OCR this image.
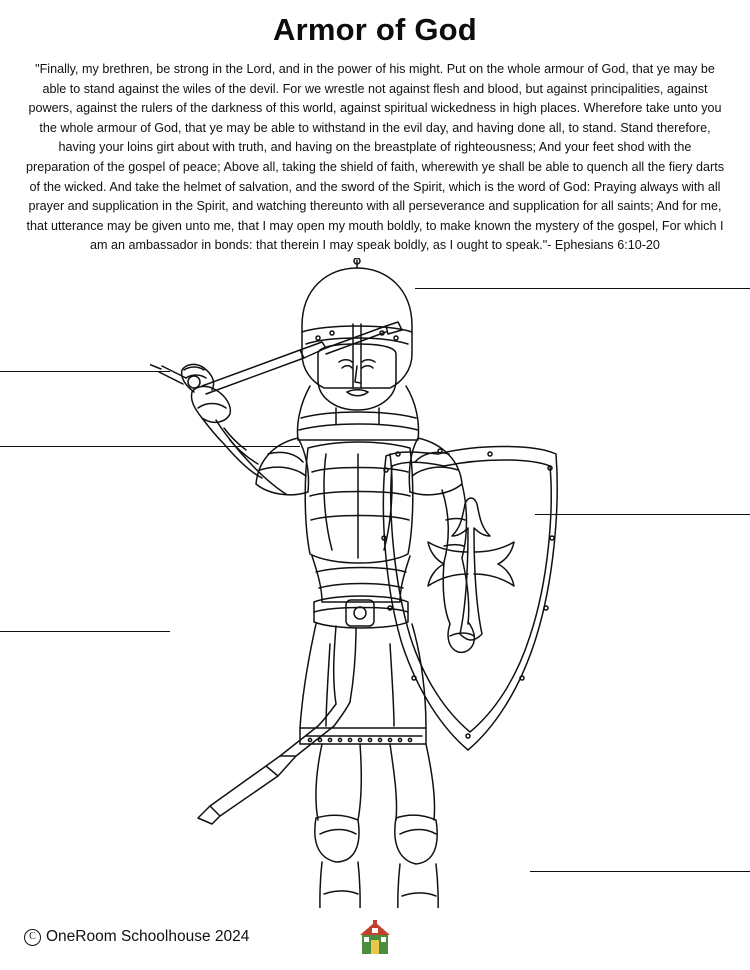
Armor of God
"Finally, my brethren, be strong in the Lord, and in the power of his might. Put on the whole armour of God, that ye may be able to stand against the wiles of the devil. For we wrestle not against flesh and blood, but against principalities, against powers, against the rulers of the darkness of this world, against spiritual wickedness in high places. Wherefore take unto you the whole armour of God, that ye may be able to withstand in the evil day, and having done all, to stand. Stand therefore, having your loins girt about with truth, and having on the breastplate of righteousness; And your feet shod with the preparation of the gospel of peace; Above all, taking the shield of faith, wherewith ye shall be able to quench all the fiery darts of the wicked. And take the helmet of salvation, and the sword of the Spirit, which is the word of God: Praying always with all prayer and supplication in the Spirit, and watching thereunto with all perseverance and supplication for all saints; And for me, that utterance may be given unto me, that I may open my mouth boldly, to make known the mystery of the gospel, For which I am an ambassador in bonds: that therein I may speak boldly, as I ought to speak."- Ephesians 6:10-20
C OneRoom Schoolhouse 2024
